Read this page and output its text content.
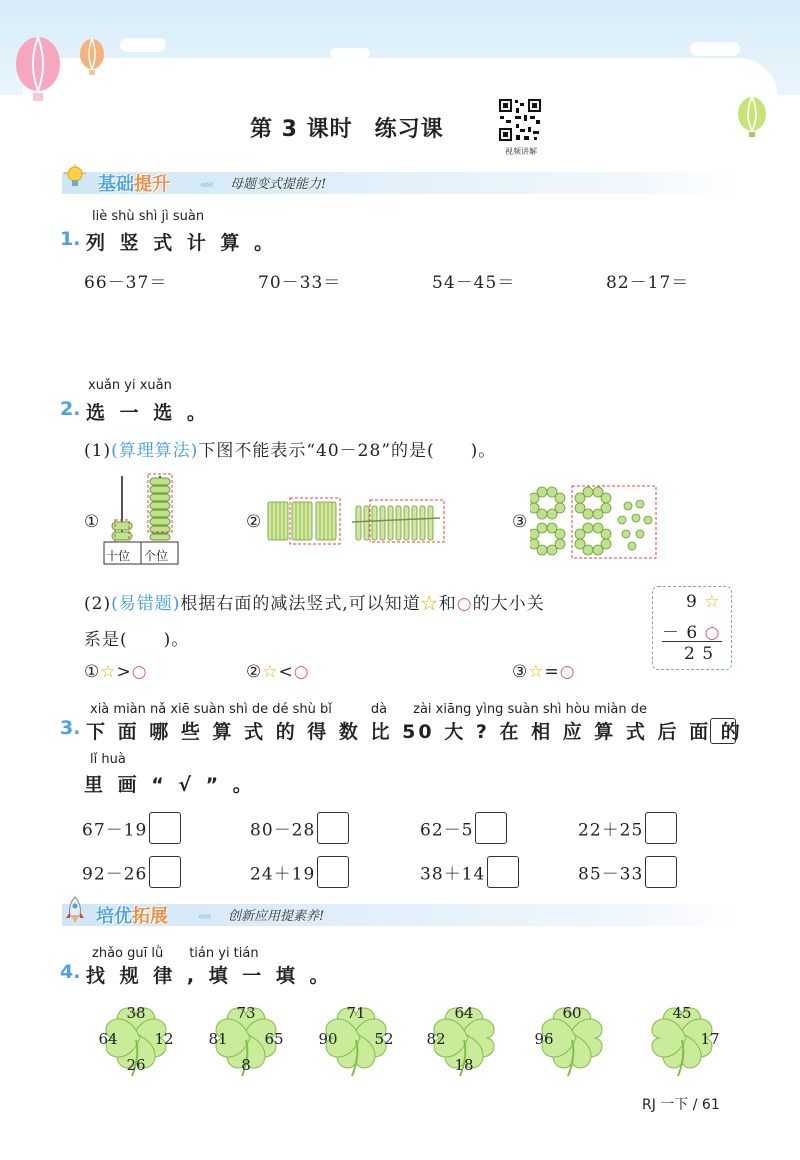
第 3 课时 练习课
视频讲解
基础提升	‹‹‹‹‹ 母题变式提能力!
liè shù shì jì suàn
1. 列 竖 式 计 算 。
66－37＝	70－33＝	54－45＝	82－17＝
xuǎn yi xuǎn
2. 选 一 选 。
(1)(算理算法)下图不能表示“40－28”的是(　　)。
①
十位 个位
②	③
(2)(易错题)根据右面的减法竖式,可以知道☆和○的大小关
系是(　　)。
①☆>○	②☆<○	③☆=○
9 ☆
－ 6 ○
2 5
xià miàn nǎ xiē suàn shì de dé shù bǐ　　　dà　　zài xiāng yìng suàn shì hòu miàn de
3. 下 面 哪 些 算 式 的 得 数 比 50 大 ? 在 相 应 算 式 后 面 的
lǐ huà
里 画 “ √ ” 。
67－19	80－28	62－5	22＋25
92－26	24＋19	38＋14	85－33
培优拓展	‹‹‹‹‹ 创新应用提素养!
zhǎo guī lǜ　　tián yi tián
4. 找 规 律 , 填 一 填 。
38
64 12
26
73
81 65
8
71
90 52
64
82
18
60
96
45
17
RJ 一下 / 61
